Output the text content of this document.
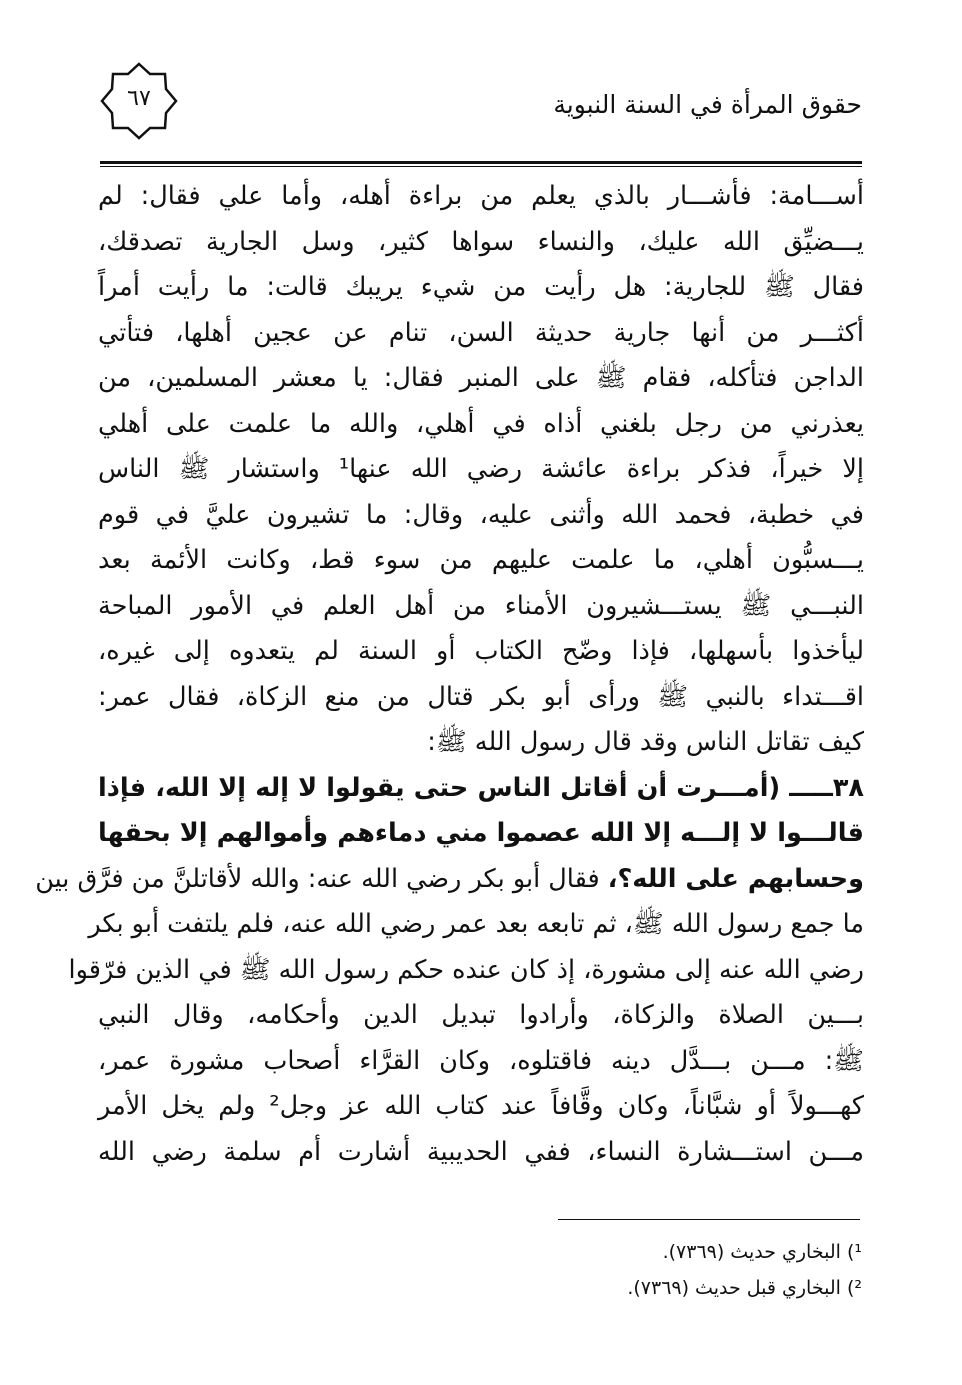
حقوق المرأة في السنة النبوية
٦٧
أســـامة: فأشـــار بالذي يعلم من براءة أهله، وأما علي فقال: لم
يـــضيِّق الله عليك، والنساء سواها كثير، وسل الجارية تصدقك،
فقال ﷺ للجارية: هل رأيت من شيء يريبك قالت: ما رأيت أمراً
أكثـــر من أنها جارية حديثة السن، تنام عن عجين أهلها، فتأتي
الداجن فتأكله، فقام ﷺ على المنبر فقال: يا معشر المسلمين، من
يعذرني من رجل بلغني أذاه في أهلي، والله ما علمت على أهلي
إلا خيراً، فذكر براءة عائشة رضي الله عنها¹ واستشار ﷺ الناس
في خطبة، فحمد الله وأثنى عليه، وقال: ما تشيرون عليَّ في قوم
يـــسبُّون أهلي، ما علمت عليهم من سوء قط، وكانت الأئمة بعد
النبـــي ﷺ يستـــشيرون الأمناء من أهل العلم في الأمور المباحة
ليأخذوا بأسهلها، فإذا وضّح الكتاب أو السنة لم يتعدوه إلى غيره،
اقـــتداء بالنبي ﷺ ورأى أبو بكر قتال من منع الزكاة، فقال عمر:
كيف تقاتل الناس وقد قال رسول الله ﷺ:
٣٨ـــــ (أمـــرت أن أقاتل الناس حتى يقولوا لا إله إلا الله، فإذا
قالـــوا لا إلـــه إلا الله عصموا مني دماءهم وأموالهم إلا بحقها
وحسابهم على الله؟، فقال أبو بكر رضي الله عنه: والله لأقاتلنَّ من فرَّق بين
ما جمع رسول الله ﷺ، ثم تابعه بعد عمر رضي الله عنه، فلم يلتفت أبو بكر
رضي الله عنه إلى مشورة، إذ كان عنده حكم رسول الله ﷺ في الذين فرّقوا
بـــين الصلاة والزكاة، وأرادوا تبديل الدين وأحكامه، وقال النبي
ﷺ: مـــن بـــدَّل دينه فاقتلوه، وكان القرَّاء أصحاب مشورة عمر،
كهـــولاً أو شبَّاناً، وكان وقَّافاً عند كتاب الله عز وجل² ولم يخل الأمر
مـــن استـــشارة النساء، ففي الحديبية أشارت أم سلمة رضي الله
¹) البخاري حديث (٧٣٦٩).
²) البخاري قبل حديث (٧٣٦٩).
